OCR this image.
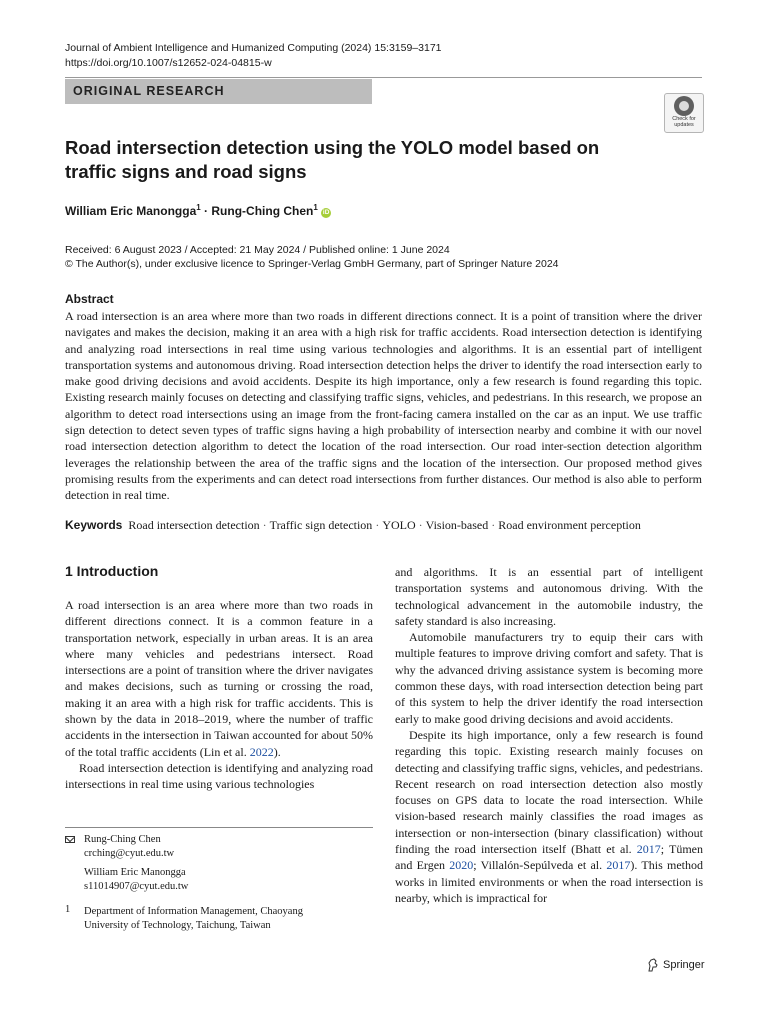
Journal of Ambient Intelligence and Humanized Computing (2024) 15:3159–3171
https://doi.org/10.1007/s12652-024-04815-w
ORIGINAL RESEARCH
Check for
updates
Road intersection detection using the YOLO model based on traffic signs and road signs
William Eric Manongga$^1$ · Rung-Ching Chen$^1$ iD
Received: 6 August 2023 / Accepted: 21 May 2024 / Published online: 1 June 2024
© The Author(s), under exclusive licence to Springer-Verlag GmbH Germany, part of Springer Nature 2024
Abstract

A road intersection is an area where more than two roads in different directions connect. It is a point of transition where the driver navigates and makes the decision, making it an area with a high risk for traffic accidents. Road intersection detection is identifying and analyzing road intersections in real time using various technologies and algorithms. It is an essential part of intelligent transportation systems and autonomous driving. Road intersection detection helps the driver to identify the road intersection early to make good driving decisions and avoid accidents. Despite its high importance, only a few research is found regarding this topic. Existing research mainly focuses on detecting and classifying traffic signs, vehicles, and pedestrians. In this research, we propose an algorithm to detect road intersections using an image from the front-facing camera installed on the car as an input. We use traffic sign detection to detect seven types of traffic signs having a high probability of intersection nearby and combine it with our novel road intersection detection algorithm to detect the location of the road intersection. Our road inter-section detection algorithm leverages the relationship between the area of the traffic signs and the location of the intersection. Our proposed method gives promising results from the experiments and can detect road intersections from further distances. Our method is also able to perform detection in real time.

Keywords Road intersection detection · Traffic sign detection · YOLO · Vision-based · Road environment perception
1 Introduction

A road intersection is an area where more than two roads in different directions connect. It is a common feature in a transportation network, especially in urban areas. It is an area where many vehicles and pedestrians intersect. Road intersections are a point of transition where the driver navigates and makes decisions, such as turning or crossing the road, making it an area with a high risk for traffic accidents. This is shown by the data in 2018–2019, where the number of traffic accidents in the intersection in Taiwan accounted for about 50% of the total traffic accidents (Lin et al. 2022).

Road intersection detection is identifying and analyzing road intersections in real time using various technologies

and algorithms. It is an essential part of intelligent transportation systems and autonomous driving. With the technological advancement in the automobile industry, the safety standard is also increasing.

Automobile manufacturers try to equip their cars with multiple features to improve driving comfort and safety. That is why the advanced driving assistance system is becoming more common these days, with road intersection detection being part of this system to help the driver identify the road intersection early to make good driving decisions and avoid accidents.

Despite its high importance, only a few research is found regarding this topic. Existing research mainly focuses on detecting and classifying traffic signs, vehicles, and pedestrians. Recent research on road intersection detection also mostly focuses on GPS data to locate the road intersection. While vision-based research mainly classifies the road images as intersection or non-intersection (binary classification) without finding the road intersection itself (Bhatt et al. 2017; Tümen and Ergen 2020; Villalón-Sepúlveda et al. 2017). This method works in limited environments or when the road intersection is nearby, which is impractical for

Rung-Ching Chen
crching@cyut.edu.tw
William Eric Manongga
s11014907@cyut.edu.tw
1 Department of Information Management, Chaoyang
University of Technology, Taichung, Taiwan
Springer
